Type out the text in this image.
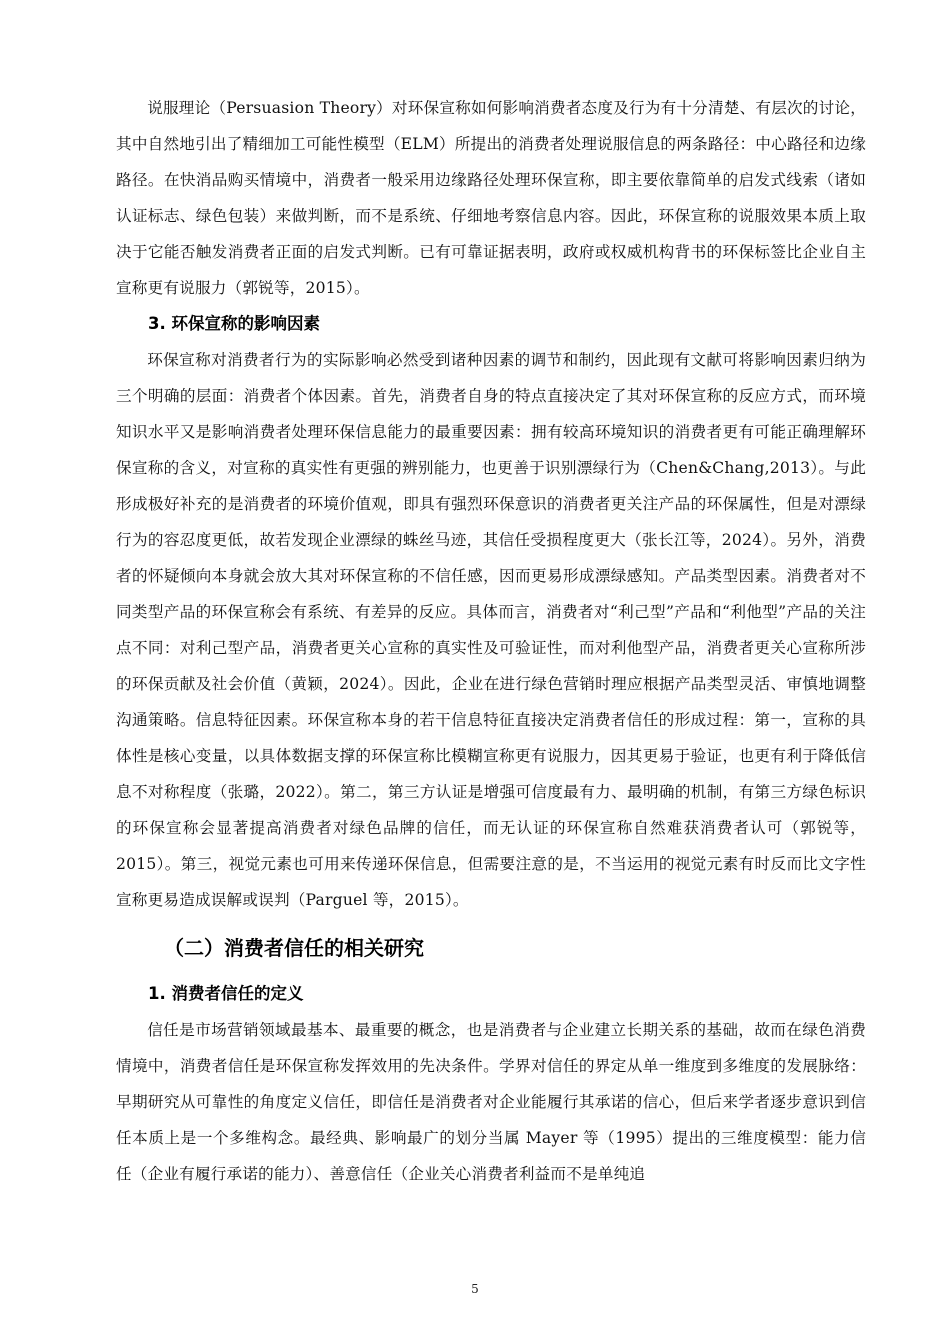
说服理论（Persuasion Theory）对环保宣称如何影响消费者态度及行为有十分清楚、有层次的讨论，其中自然地引出了精细加工可能性模型（ELM）所提出的消费者处理说服信息的两条路径：中心路径和边缘路径。在快消品购买情境中，消费者一般采用边缘路径处理环保宣称，即主要依靠简单的启发式线索（诸如认证标志、绿色包装）来做判断，而不是系统、仔细地考察信息内容。因此，环保宣称的说服效果本质上取决于它能否触发消费者正面的启发式判断。已有可靠证据表明，政府或权威机构背书的环保标签比企业自主宣称更有说服力（郭锐等，2015）。

3. 环保宣称的影响因素

环保宣称对消费者行为的实际影响必然受到诸种因素的调节和制约，因此现有文献可将影响因素归纳为三个明确的层面：消费者个体因素。首先，消费者自身的特点直接决定了其对环保宣称的反应方式，而环境知识水平又是影响消费者处理环保信息能力的最重要因素：拥有较高环境知识的消费者更有可能正确理解环保宣称的含义，对宣称的真实性有更强的辨别能力，也更善于识别漂绿行为（Chen&Chang,2013）。与此形成极好补充的是消费者的环境价值观，即具有强烈环保意识的消费者更关注产品的环保属性，但是对漂绿行为的容忍度更低，故若发现企业漂绿的蛛丝马迹，其信任受损程度更大（张长江等，2024）。另外，消费者的怀疑倾向本身就会放大其对环保宣称的不信任感，因而更易形成漂绿感知。产品类型因素。消费者对不同类型产品的环保宣称会有系统、有差异的反应。具体而言，消费者对“利己型”产品和“利他型”产品的关注点不同：对利己型产品，消费者更关心宣称的真实性及可验证性，而对利他型产品，消费者更关心宣称所涉的环保贡献及社会价值（黄颖，2024）。因此，企业在进行绿色营销时理应根据产品类型灵活、审慎地调整沟通策略。信息特征因素。环保宣称本身的若干信息特征直接决定消费者信任的形成过程：第一，宣称的具体性是核心变量，以具体数据支撑的环保宣称比模糊宣称更有说服力，因其更易于验证，也更有利于降低信息不对称程度（张璐，2022）。第二，第三方认证是增强可信度最有力、最明确的机制，有第三方绿色标识的环保宣称会显著提高消费者对绿色品牌的信任，而无认证的环保宣称自然难获消费者认可（郭锐等，2015）。第三，视觉元素也可用来传递环保信息，但需要注意的是，不当运用的视觉元素有时反而比文字性宣称更易造成误解或误判（Parguel 等，2015）。

（二）消费者信任的相关研究
1. 消费者信任的定义

信任是市场营销领域最基本、最重要的概念，也是消费者与企业建立长期关系的基础，故而在绿色消费情境中，消费者信任是环保宣称发挥效用的先决条件。学界对信任的界定从单一维度到多维度的发展脉络：早期研究从可靠性的角度定义信任，即信任是消费者对企业能履行其承诺的信心，但后来学者逐步意识到信任本质上是一个多维构念。最经典、影响最广的划分当属 Mayer 等（1995）提出的三维度模型：能力信任（企业有履行承诺的能力）、善意信任（企业关心消费者利益而不是单纯追

5
